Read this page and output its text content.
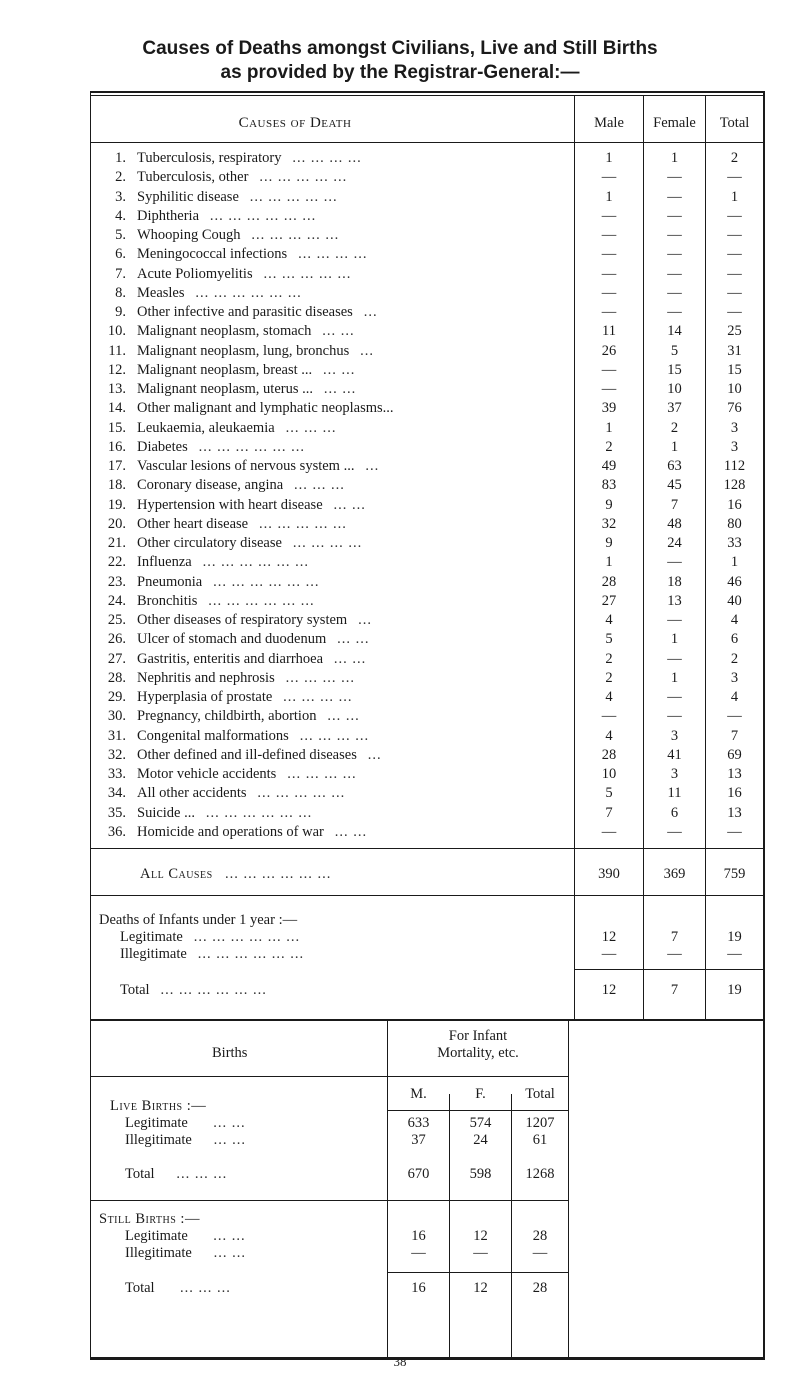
Causes of Deaths amongst Civilians, Live and Still Births
as provided by the Registrar-General:—
Causes of Death	Male	Female	Total
1. Tuberculosis, respiratory ... ... ... ...	1	1	2
2. Tuberculosis, other ... ... ... ... ...	—	—	—
3. Syphilitic disease ... ... ... ... ...	1	—	1
4. Diphtheria ... ... ... ... ... ...	—	—	—
5. Whooping Cough ... ... ... ... ...	—	—	—
6. Meningococcal infections ... ... ... ...	—	—	—
7. Acute Poliomyelitis ... ... ... ... ...	—	—	—
8. Measles ... ... ... ... ... ...	—	—	—
9. Other infective and parasitic diseases ...	—	—	—
10. Malignant neoplasm, stomach ... ...	11	14	25
11. Malignant neoplasm, lung, bronchus ...	26	5	31
12. Malignant neoplasm, breast ... ... ...	—	15	15
13. Malignant neoplasm, uterus ... ... ...	—	10	10
14. Other malignant and lymphatic neoplasms...	39	37	76
15. Leukaemia, aleukaemia ... ... ...	1	2	3
16. Diabetes ... ... ... ... ... ...	2	1	3
17. Vascular lesions of nervous system ... ...	49	63	112
18. Coronary disease, angina ... ... ...	83	45	128
19. Hypertension with heart disease ... ...	9	7	16
20. Other heart disease ... ... ... ... ...	32	48	80
21. Other circulatory disease ... ... ... ...	9	24	33
22. Influenza ... ... ... ... ... ...	1	—	1
23. Pneumonia ... ... ... ... ... ...	28	18	46
24. Bronchitis ... ... ... ... ... ...	27	13	40
25. Other diseases of respiratory system ...	4	—	4
26. Ulcer of stomach and duodenum ... ...	5	1	6
27. Gastritis, enteritis and diarrhoea ... ...	2	—	2
28. Nephritis and nephrosis ... ... ... ...	2	1	3
29. Hyperplasia of prostate ... ... ... ...	4	—	4
30. Pregnancy, childbirth, abortion ... ...	—	—	—
31. Congenital malformations ... ... ... ...	4	3	7
32. Other defined and ill-defined diseases ...	28	41	69
33. Motor vehicle accidents ... ... ... ...	10	3	13
34. All other accidents ... ... ... ... ...	5	11	16
35. Suicide ... ... ... ... ... ... ...	7	6	13
36. Homicide and operations of war ... ...	—	—	—
All Causes ... ... ... ... ... ...	390	369	759
Deaths of Infants under 1 year :—
Legitimate ... ... ... ... ... ...	12	7	19
Illegitimate ... ... ... ... ... ...	—	—	—
Total ... ... ... ... ... ...	12	7	19
Births
For Infant
Mortality, etc.
M.	F.	Total
Live Births :—
Legitimate ... ...	633	574	1207
Illegitimate ... ...	37	24	61
Total ... ... ...	670	598	1268
Still Births :—
Legitimate ... ...	16	12	28
Illegitimate ... ...	—	—	—
Total ... ... ...	16	12	28
38
